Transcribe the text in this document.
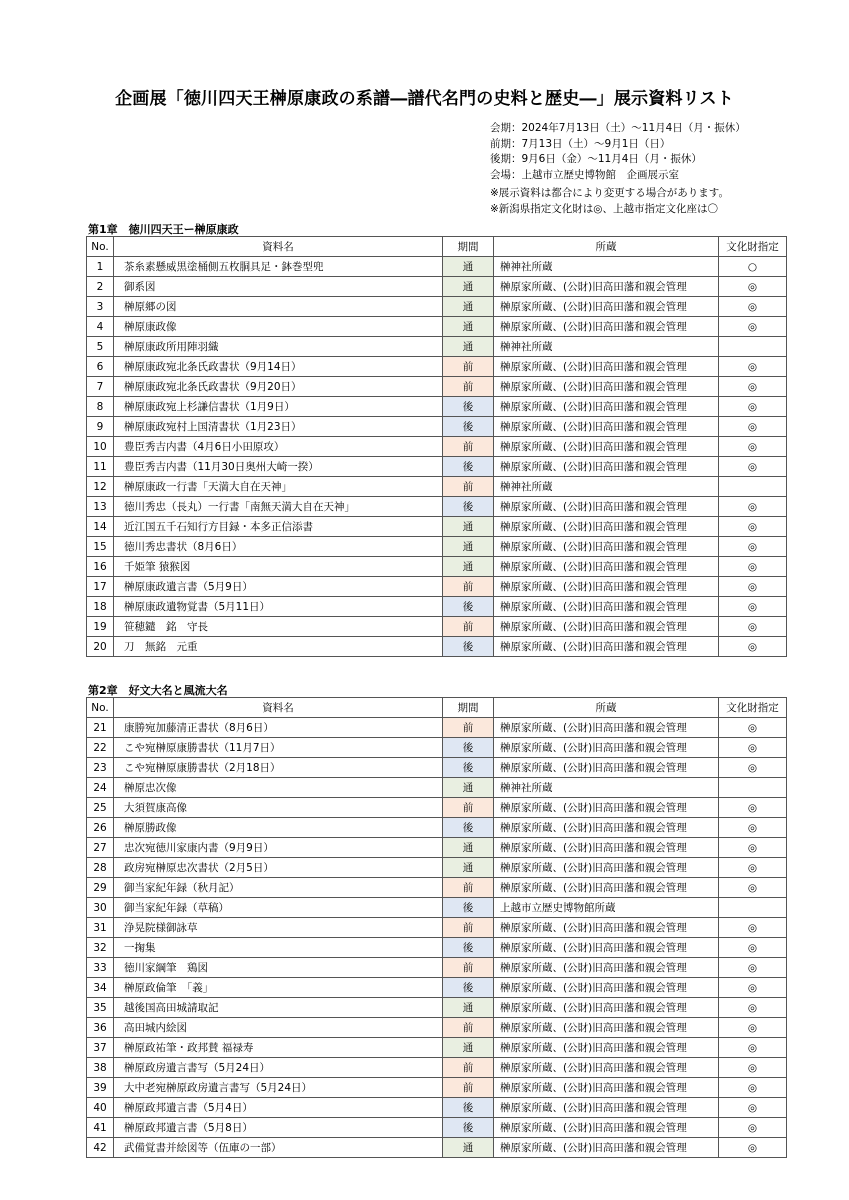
企画展「徳川四天王榊原康政の系譜―譜代名門の史料と歴史―」展示資料リスト
会期：2024年7月13日（土）～11月4日（月・振休）
前期：7月13日（土）～9月1日（日）
後期：9月6日（金）～11月4日（月・振休）
会場：上越市立歴史博物館　企画展示室
※展示資料は都合により変更する場合があります。
※新潟県指定文化財は◎、上越市指定文化座は〇
第1章　徳川四天王ー榊原康政
No.	資料名	期間	所蔵	文化財指定
1	茶糸素懸威黒塗桶側五枚胴具足・鉢巻型兜	通	榊神社所蔵	○
2	御系図	通	榊原家所蔵、(公財)旧高田藩和親会管理	◎
3	榊原郷の図	通	榊原家所蔵、(公財)旧高田藩和親会管理	◎
4	榊原康政像	通	榊原家所蔵、(公財)旧高田藩和親会管理	◎
5	榊原康政所用陣羽織	通	榊神社所蔵	
6	榊原康政宛北条氏政書状（9月14日）	前	榊原家所蔵、(公財)旧高田藩和親会管理	◎
7	榊原康政宛北条氏政書状（9月20日）	前	榊原家所蔵、(公財)旧高田藩和親会管理	◎
8	榊原康政宛上杉謙信書状（1月9日）	後	榊原家所蔵、(公財)旧高田藩和親会管理	◎
9	榊原康政宛村上国清書状（1月23日）	後	榊原家所蔵、(公財)旧高田藩和親会管理	◎
10	豊臣秀吉内書（4月6日小田原攻）	前	榊原家所蔵、(公財)旧高田藩和親会管理	◎
11	豊臣秀吉内書（11月30日奥州大崎一揆）	後	榊原家所蔵、(公財)旧高田藩和親会管理	◎
12	榊原康政一行書「天満大自在天神」	前	榊神社所蔵	
13	徳川秀忠（長丸）一行書「南無天満大自在天神」	後	榊原家所蔵、(公財)旧高田藩和親会管理	◎
14	近江国五千石知行方目録・本多正信添書	通	榊原家所蔵、(公財)旧高田藩和親会管理	◎
15	徳川秀忠書状（8月6日）	通	榊原家所蔵、(公財)旧高田藩和親会管理	◎
16	千姫筆 猿猴図	通	榊原家所蔵、(公財)旧高田藩和親会管理	◎
17	榊原康政遺言書（5月9日）	前	榊原家所蔵、(公財)旧高田藩和親会管理	◎
18	榊原康政遺物覚書（5月11日）	後	榊原家所蔵、(公財)旧高田藩和親会管理	◎
19	笹穂鑓　銘　守長	前	榊原家所蔵、(公財)旧高田藩和親会管理	◎
20	刀　無銘　元重	後	榊原家所蔵、(公財)旧高田藩和親会管理	◎
第2章　好文大名と風流大名
No.	資料名	期間	所蔵	文化財指定
21	康勝宛加藤清正書状（8月6日）	前	榊原家所蔵、(公財)旧高田藩和親会管理	◎
22	こや宛榊原康勝書状（11月7日）	後	榊原家所蔵、(公財)旧高田藩和親会管理	◎
23	こや宛榊原康勝書状（2月18日）	後	榊原家所蔵、(公財)旧高田藩和親会管理	◎
24	榊原忠次像	通	榊神社所蔵	
25	大須賀康高像	前	榊原家所蔵、(公財)旧高田藩和親会管理	◎
26	榊原勝政像	後	榊原家所蔵、(公財)旧高田藩和親会管理	◎
27	忠次宛徳川家康内書（9月9日）	通	榊原家所蔵、(公財)旧高田藩和親会管理	◎
28	政房宛榊原忠次書状（2月5日）	通	榊原家所蔵、(公財)旧高田藩和親会管理	◎
29	御当家紀年録（秋月記）	前	榊原家所蔵、(公財)旧高田藩和親会管理	◎
30	御当家紀年録（草稿）	後	上越市立歴史博物館所蔵	
31	浄晃院様御詠草	前	榊原家所蔵、(公財)旧高田藩和親会管理	◎
32	一掬集	後	榊原家所蔵、(公財)旧高田藩和親会管理	◎
33	徳川家綱筆　鶏図	前	榊原家所蔵、(公財)旧高田藩和親会管理	◎
34	榊原政倫筆　「義」	後	榊原家所蔵、(公財)旧高田藩和親会管理	◎
35	越後国高田城請取記	通	榊原家所蔵、(公財)旧高田藩和親会管理	◎
36	高田城内絵図	前	榊原家所蔵、(公財)旧高田藩和親会管理	◎
37	榊原政祐筆・政邦賛 福禄寿	通	榊原家所蔵、(公財)旧高田藩和親会管理	◎
38	榊原政房遺言書写（5月24日）	前	榊原家所蔵、(公財)旧高田藩和親会管理	◎
39	大中老宛榊原政房遺言書写（5月24日）	前	榊原家所蔵、(公財)旧高田藩和親会管理	◎
40	榊原政邦遺言書（5月4日）	後	榊原家所蔵、(公財)旧高田藩和親会管理	◎
41	榊原政邦遺言書（5月8日）	後	榊原家所蔵、(公財)旧高田藩和親会管理	◎
42	武備覚書并絵図等（伍庫の一部）	通	榊原家所蔵、(公財)旧高田藩和親会管理	◎
